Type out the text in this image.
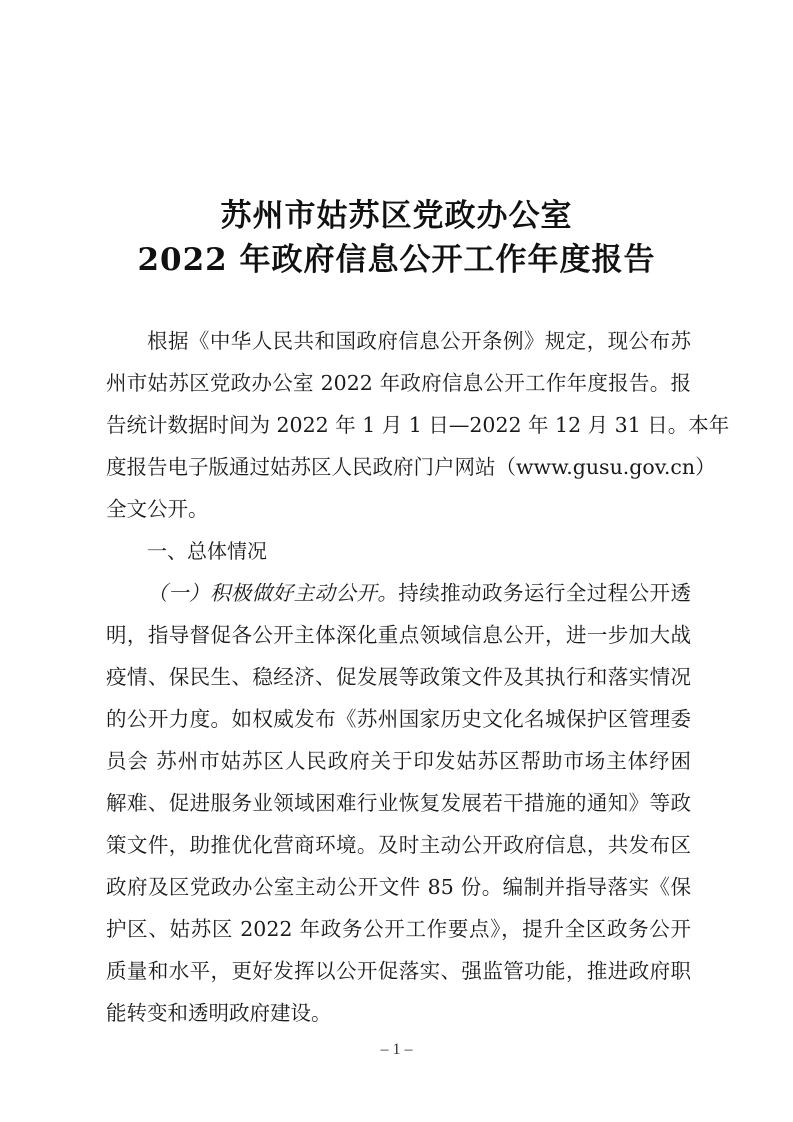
苏州市姑苏区党政办公室
2022 年政府信息公开工作年度报告
根据《中华人民共和国政府信息公开条例》规定，现公布苏
州市姑苏区党政办公室 2022 年政府信息公开工作年度报告。报
告统计数据时间为 2022 年 1 月 1 日—2022 年 12 月 31 日。本年
度报告电子版通过姑苏区人民政府门户网站（www.gusu.gov.cn）
全文公开。
一、总体情况
（一）积极做好主动公开。持续推动政务运行全过程公开透
明，指导督促各公开主体深化重点领域信息公开，进一步加大战
疫情、保民生、稳经济、促发展等政策文件及其执行和落实情况
的公开力度。如权威发布《苏州国家历史文化名城保护区管理委
员会 苏州市姑苏区人民政府关于印发姑苏区帮助市场主体纾困
解难、促进服务业领域困难行业恢复发展若干措施的通知》等政
策文件，助推优化营商环境。及时主动公开政府信息，共发布区
政府及区党政办公室主动公开文件 85 份。编制并指导落实《保
护区、姑苏区 2022 年政务公开工作要点》，提升全区政务公开
质量和水平，更好发挥以公开促落实、强监管功能，推进政府职
能转变和透明政府建设。
– 1 –
